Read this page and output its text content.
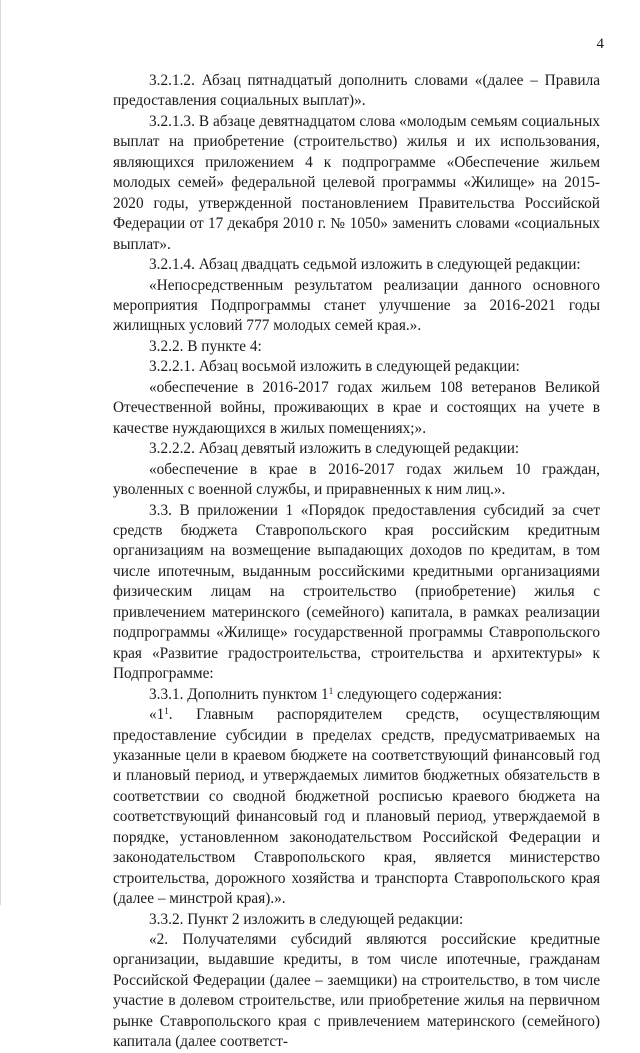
4

3.2.1.2. Абзац пятнадцатый дополнить словами «(далее – Правила предоставления социальных выплат)».

3.2.1.3. В абзаце девятнадцатом слова «молодым семьям социальных выплат на приобретение (строительство) жилья и их использования, являющихся приложением 4 к подпрограмме «Обеспечение жильем молодых семей» федеральной целевой программы «Жилище» на 2015-2020 годы, утвержденной постановлением Правительства Российской Федерации от 17 декабря 2010 г. № 1050» заменить словами «социальных выплат».

3.2.1.4. Абзац двадцать седьмой изложить в следующей редакции:

«Непосредственным результатом реализации данного основного мероприятия Подпрограммы станет улучшение за 2016-2021 годы жилищных условий 777 молодых семей края.».

3.2.2. В пункте 4:

3.2.2.1. Абзац восьмой изложить в следующей редакции:

«обеспечение в 2016-2017 годах жильем 108 ветеранов Великой Отечественной войны, проживающих в крае и состоящих на учете в качестве нуждающихся в жилых помещениях;».

3.2.2.2. Абзац девятый изложить в следующей редакции:

«обеспечение в крае в 2016-2017 годах жильем 10 граждан, уволенных с военной службы, и приравненных к ним лиц.».

3.3. В приложении 1 «Порядок предоставления субсидий за счет средств бюджета Ставропольского края российским кредитным организациям на возмещение выпадающих доходов по кредитам, в том числе ипотечным, выданным российскими кредитными организациями физическим лицам на строительство (приобретение) жилья с привлечением материнского (семейного) капитала, в рамках реализации подпрограммы «Жилище» государственной программы Ставропольского края «Развитие градостроительства, строительства и архитектуры» к Подпрограмме:

3.3.1. Дополнить пунктом $1^1$ следующего содержания:

«$1^1$. Главным распорядителем средств, осуществляющим предоставление субсидии в пределах средств, предусматриваемых на указанные цели в краевом бюджете на соответствующий финансовый год и плановый период, и утверждаемых лимитов бюджетных обязательств в соответствии со сводной бюджетной росписью краевого бюджета на соответствующий финансовый год и плановый период, утверждаемой в порядке, установленном законодательством Российской Федерации и законодательством Ставропольского края, является министерство строительства, дорожного хозяйства и транспорта Ставропольского края (далее – минстрой края).».

3.3.2. Пункт 2 изложить в следующей редакции:

«2. Получателями субсидий являются российские кредитные организации, выдавшие кредиты, в том числе ипотечные, гражданам Российской Федерации (далее – заемщики) на строительство, в том числе участие в долевом строительстве, или приобретение жилья на первичном рынке Ставропольского края с привлечением материнского (семейного) капитала (далее соответст-
